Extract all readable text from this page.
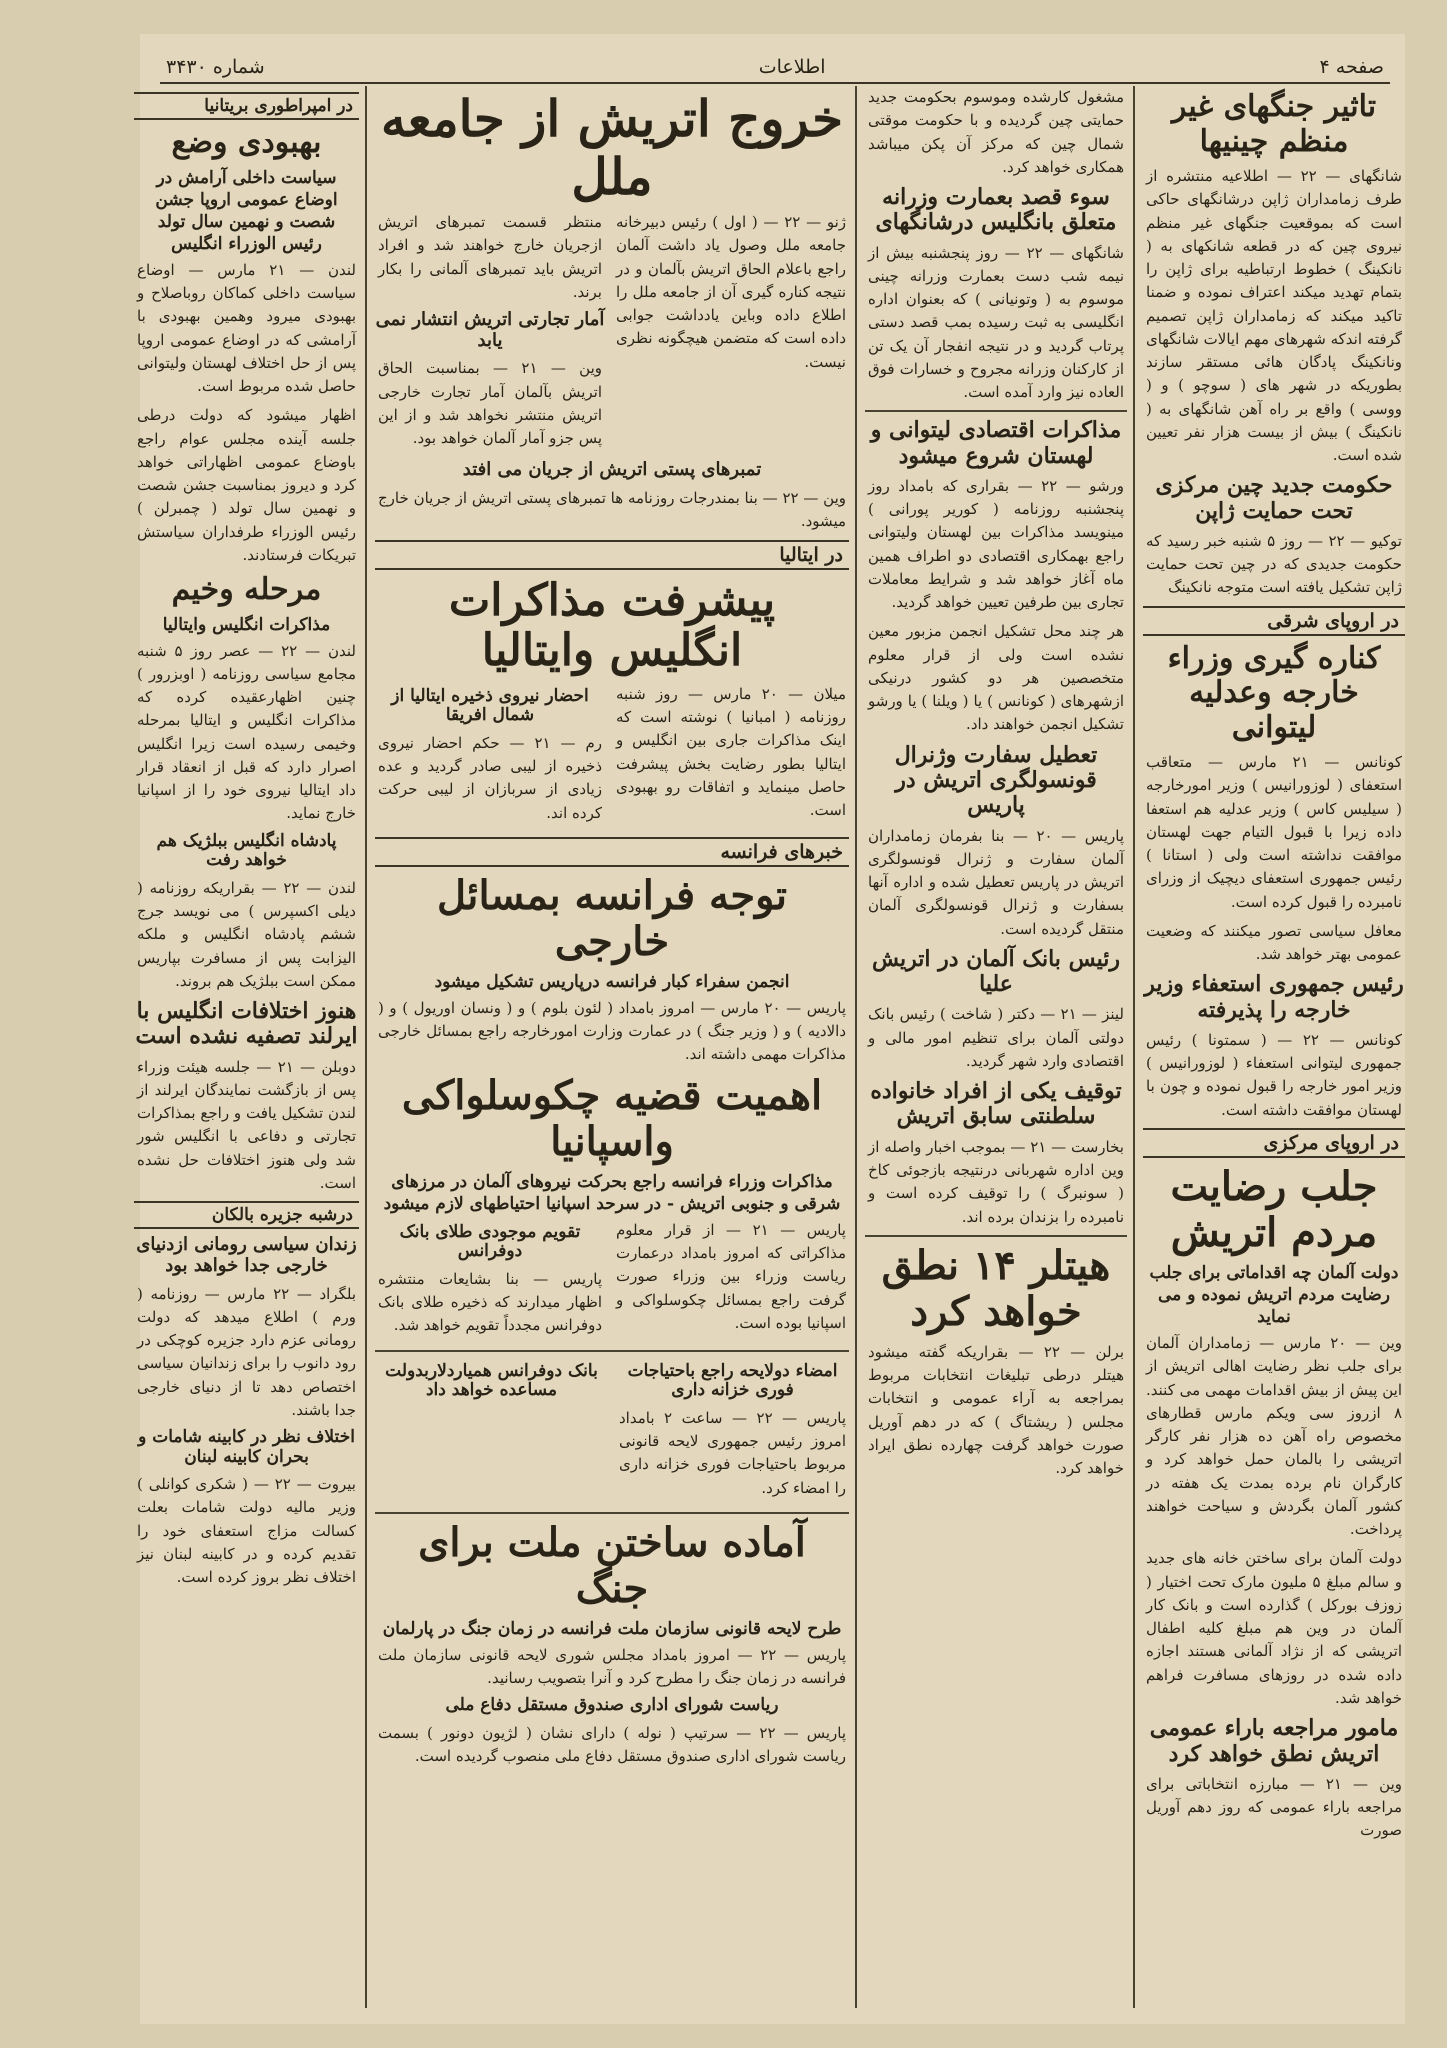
صفحه ۴
اطلاعات
شماره ۳۴۳۰
تاثیر جنگهای غیر منظم چینیها
شانگهای — ۲۲ — اطلاعیه منتشره از طرف زمامداران ژاپن درشانگهای حاکی است که بموقعیت جنگهای غیر منظم نیروی چین که در قطعه شانکهای به ( نانکینگ ) خطوط ارتباطیه برای ژاپن را بتمام تهدید میکند اعتراف نموده و ضمنا تاکید میکند که زمامداران ژاپن تصمیم گرفته اندکه شهرهای مهم ایالات شانگهای ونانکینگ پادگان هائی مستقر سازند بطوریکه در شهر های ( سوچو ) و ( ووسی ) واقع بر راه آهن شانگهای به ( نانکینگ ) بیش از بیست هزار نفر تعیین شده است.
حکومت جدید چین مرکزی تحت حمایت ژاپن
توکیو — ۲۲ — روز ۵ شنبه خبر رسید که حکومت جدیدی که در چین تحت حمایت ژاپن تشکیل یافته است متوجه نانکینگ
در اروپای شرقی
کناره گیری وزراء خارجه وعدلیه لیتوانی
کونانس — ۲۱ مارس — متعاقب استعفای ( لوزورانیس ) وزیر امورخارجه ( سیلیس کاس ) وزیر عدلیه هم استعفا داده زیرا با قبول التیام جهت لهستان موافقت نداشته است ولی ( استانا ) رئیس جمهوری استعفای دیچیک از وزرای نامبرده را قبول کرده است.
معافل سیاسی تصور میکنند که وضعیت عمومی بهتر خواهد شد.
رئیس جمهوری استعفاء وزیر خارجه را پذیرفته
کونانس — ۲۲ — ( سمتونا ) رئیس جمهوری لیتوانی استعفاء ( لوزورانیس ) وزیر امور خارجه را قبول نموده و چون با لهستان موافقت داشته است.
در اروپای مرکزی
جلب رضایت مردم اتریش
دولت آلمان چه اقداماتی برای جلب رضایت مردم اتریش نموده و می نماید
وین — ۲۰ مارس — زمامداران آلمان برای جلب نظر رضایت اهالی اتریش از این پیش از بیش اقدامات مهمی می کنند. ۸ ازروز سی ویکم مارس قطارهای مخصوص راه آهن ده هزار نفر کارگر اتریشی را بالمان حمل خواهد کرد و کارگران نام برده بمدت یک هفته در کشور آلمان بگردش و سیاحت خواهند پرداخت.
دولت آلمان برای ساختن خانه های جدید و سالم مبلغ ۵ ملیون مارک تحت اختیار ( زوزف بورکل ) گذارده است و بانک کار آلمان در وین هم مبلغ کلیه اطفال اتریشی که از نژاد آلمانی هستند اجازه داده شده در روزهای مسافرت فراهم خواهد شد.
مامور مراجعه باراء عمومی اتریش نطق خواهد کرد
وین — ۲۱ — مبارزه انتخاباتی برای مراجعه باراء عمومی که روز دهم آوریل صورت
مشغول کارشده وموسوم بحکومت جدید حمایتی چین گردیده و با حکومت موقتی شمال چین که مرکز آن پکن میباشد همکاری خواهد کرد.
سوء قصد بعمارت وزرانه متعلق بانگلیس درشانگهای
شانگهای — ۲۲ — روز پنجشنبه بیش از نیمه شب دست بعمارت وزرانه چینی موسوم به ( وتونیانی ) که بعنوان اداره انگلیسی به ثبت رسیده بمب قصد دستی پرتاب گردید و در نتیجه انفجار آن یک تن از کارکنان وزرانه مجروح و خسارات فوق العاده نیز وارد آمده است.
مذاکرات اقتصادی لیتوانی و لهستان شروع میشود
ورشو — ۲۲ — بقراری که بامداد روز پنجشنبه روزنامه ( کوریر پورانی ) مینویسد مذاکرات بین لهستان ولیتوانی راجع بهمکاری اقتصادی دو اطراف همین ماه آغاز خواهد شد و شرایط معاملات تجاری بین طرفین تعیین خواهد گردید.
هر چند محل تشکیل انجمن مزبور معین نشده است ولی از قرار معلوم متخصصین هر دو کشور درنیکی ازشهرهای ( کونانس ) یا ( ویلنا ) یا ورشو تشکیل انجمن خواهند داد.
تعطیل سفارت وژنرال قونسولگری اتریش در پاریس
پاریس — ۲۰ — بنا بفرمان زمامداران آلمان سفارت و ژنرال قونسولگری اتریش در پاریس تعطیل شده و اداره آنها بسفارت و ژنرال قونسولگری آلمان منتقل گردیده است.
رئیس بانک آلمان در اتریش علیا
لینز — ۲۱ — دکتر ( شاخت ) رئیس بانک دولتی آلمان برای تنظیم امور مالی و اقتصادی وارد شهر گردید.
توقیف یکی از افراد خانواده سلطنتی سابق اتریش
بخارست — ۲۱ — بموجب اخبار واصله از وین اداره شهربانی درنتیجه بازجوئی کاخ ( سونبرگ ) را توقیف کرده است و نامبرده را بزندان برده اند.
هیتلر ۱۴ نطق خواهد کرد
برلن — ۲۲ — بقراریکه گفته میشود هیتلر درطی تبلیغات انتخابات مربوط بمراجعه به آراء عمومی و انتخابات مجلس ( ریشتاگ ) که در دهم آوریل صورت خواهد گرفت چهارده نطق ایراد خواهد کرد.
خروج اتریش از جامعه ملل
ژنو — ۲۲ — ( اول ) رئیس دبیرخانه جامعه ملل وصول یاد داشت آلمان راجع باعلام الحاق اتریش بآلمان و در نتیجه کناره گیری آن از جامعه ملل را اطلاع داده وباین یادداشت جوابی داده است که متضمن هیچگونه نظری نیست.
منتظر قسمت تمبرهای اتریش ازجریان خارج خواهند شد و افراد اتریش باید تمبرهای آلمانی را بکار برند.
آمار تجارتی اتریش انتشار نمی یابد
وین — ۲۱ — بمناسبت الحاق اتریش بآلمان آمار تجارت خارجی اتریش منتشر نخواهد شد و از این پس جزو آمار آلمان خواهد بود.
تمبرهای پستی اتریش از جریان می افتد
وین — ۲۲ — بنا بمندرجات روزنامه ها تمبرهای پستی اتریش از جریان خارج میشود.
در ایتالیا
پیشرفت مذاکرات انگلیس وایتالیا
میلان — ۲۰ مارس — روز شنبه روزنامه ( امبانیا ) نوشته است که اینک مذاکرات جاری بین انگلیس و ایتالیا بطور رضایت بخش پیشرفت حاصل مینماید و اتفاقات رو بهبودی است.
احضار نیروی ذخیره ایتالیا از شمال افریقا
رم — ۲۱ — حکم احضار نیروی ذخیره از لیبی صادر گردید و عده زیادی از سربازان از لیبی حرکت کرده اند.
خبرهای فرانسه
توجه فرانسه بمسائل خارجی
انجمن سفراء کبار فرانسه درپاریس تشکیل میشود
پاریس — ۲۰ مارس — امروز بامداد ( لئون بلوم ) و ( ونسان اوریول ) و ( دالادیه ) و ( وزیر جنگ ) در عمارت وزارت امورخارجه راجع بمسائل خارجی مذاکرات مهمی داشته اند.
اهمیت قضیه چکوسلواکی واسپانیا
مذاکرات وزراء فرانسه راجع بحرکت نیروهای آلمان در مرزهای شرقی و جنوبی اتریش - در سرحد اسپانیا احتیاطهای لازم میشود
پاریس — ۲۱ — از قرار معلوم مذاکراتی که امروز بامداد درعمارت ریاست وزراء بین وزراء صورت گرفت راجع بمسائل چکوسلواکی و اسپانیا بوده است.
تقویم موجودی طلای بانک دوفرانس
پاریس — بنا بشایعات منتشره اظهار میدارند که ذخیره طلای بانک دوفرانس مجدداً تقویم خواهد شد.
امضاء دولایحه راجع باحتیاجات فوری خزانه داری
پاریس — ۲۲ — ساعت ۲ بامداد امروز رئیس جمهوری لایحه قانونی مربوط باحتیاجات فوری خزانه داری را امضاء کرد.
بانک دوفرانس همیاردلاربدولت مساعده خواهد داد
آماده ساختن ملت برای جنگ
طرح لایحه قانونی سازمان ملت فرانسه در زمان جنگ در پارلمان
پاریس — ۲۲ — امروز بامداد مجلس شوری لایحه قانونی سازمان ملت فرانسه در زمان جنگ را مطرح کرد و آنرا بتصویب رسانید.
ریاست شورای اداری صندوق مستقل دفاع ملی
پاریس — ۲۲ — سرتیپ ( نوله ) دارای نشان ( لژیون دونور ) بسمت ریاست شورای اداری صندوق مستقل دفاع ملی منصوب گردیده است.
در امپراطوری بریتانیا
بهبودی وضع
سیاست داخلی آرامش در اوضاع عمومی اروپا جشن شصت و نهمین سال تولد رئیس الوزراء انگلیس
لندن — ۲۱ مارس — اوضاع سیاست داخلی کماکان روباصلاح و بهبودی میرود وهمین بهبودی با آرامشی که در اوضاع عمومی اروپا پس از حل اختلاف لهستان ولیتوانی حاصل شده مربوط است.
اظهار میشود که دولت درطی جلسه آینده مجلس عوام راجع باوضاع عمومی اظهاراتی خواهد کرد و دیروز بمناسبت جشن شصت و نهمین سال تولد ( چمبرلن ) رئیس الوزراء طرفداران سیاستش تبریکات فرستادند.
مرحله وخیم
مذاکرات انگلیس وایتالیا
لندن — ۲۲ — عصر روز ۵ شنبه مجامع سیاسی روزنامه ( اوبزرور ) چنین اظهارعقیده کرده که مذاکرات انگلیس و ایتالیا بمرحله وخیمی رسیده است زیرا انگلیس اصرار دارد که قبل از انعقاد قرار داد ایتالیا نیروی خود را از اسپانیا خارج نماید.
پادشاه انگلیس ببلژیک هم خواهد رفت
لندن — ۲۲ — بقراریکه روزنامه ( دیلی اکسپرس ) می نویسد جرج ششم پادشاه انگلیس و ملکه الیزابت پس از مسافرت بپاریس ممکن است ببلژیک هم بروند.
هنوز اختلافات انگلیس با ایرلند تصفیه نشده است
دوبلن — ۲۱ — جلسه هیئت وزراء پس از بازگشت نمایندگان ایرلند از لندن تشکیل یافت و راجع بمذاکرات تجارتی و دفاعی با انگلیس شور شد ولی هنوز اختلافات حل نشده است.
درشبه جزیره بالکان
زندان سیاسی رومانی ازدنیای خارجی جدا خواهد بود
بلگراد — ۲۲ مارس — روزنامه ( ورم ) اطلاع میدهد که دولت رومانی عزم دارد جزیره کوچکی در رود دانوب را برای زندانیان سیاسی اختصاص دهد تا از دنیای خارجی جدا باشند.
اختلاف نظر در کابینه شامات و بحران کابینه لبنان
بیروت — ۲۲ — ( شکری کوانلی ) وزیر مالیه دولت شامات بعلت کسالت مزاج استعفای خود را تقدیم کرده و در کابینه لبنان نیز اختلاف نظر بروز کرده است.
